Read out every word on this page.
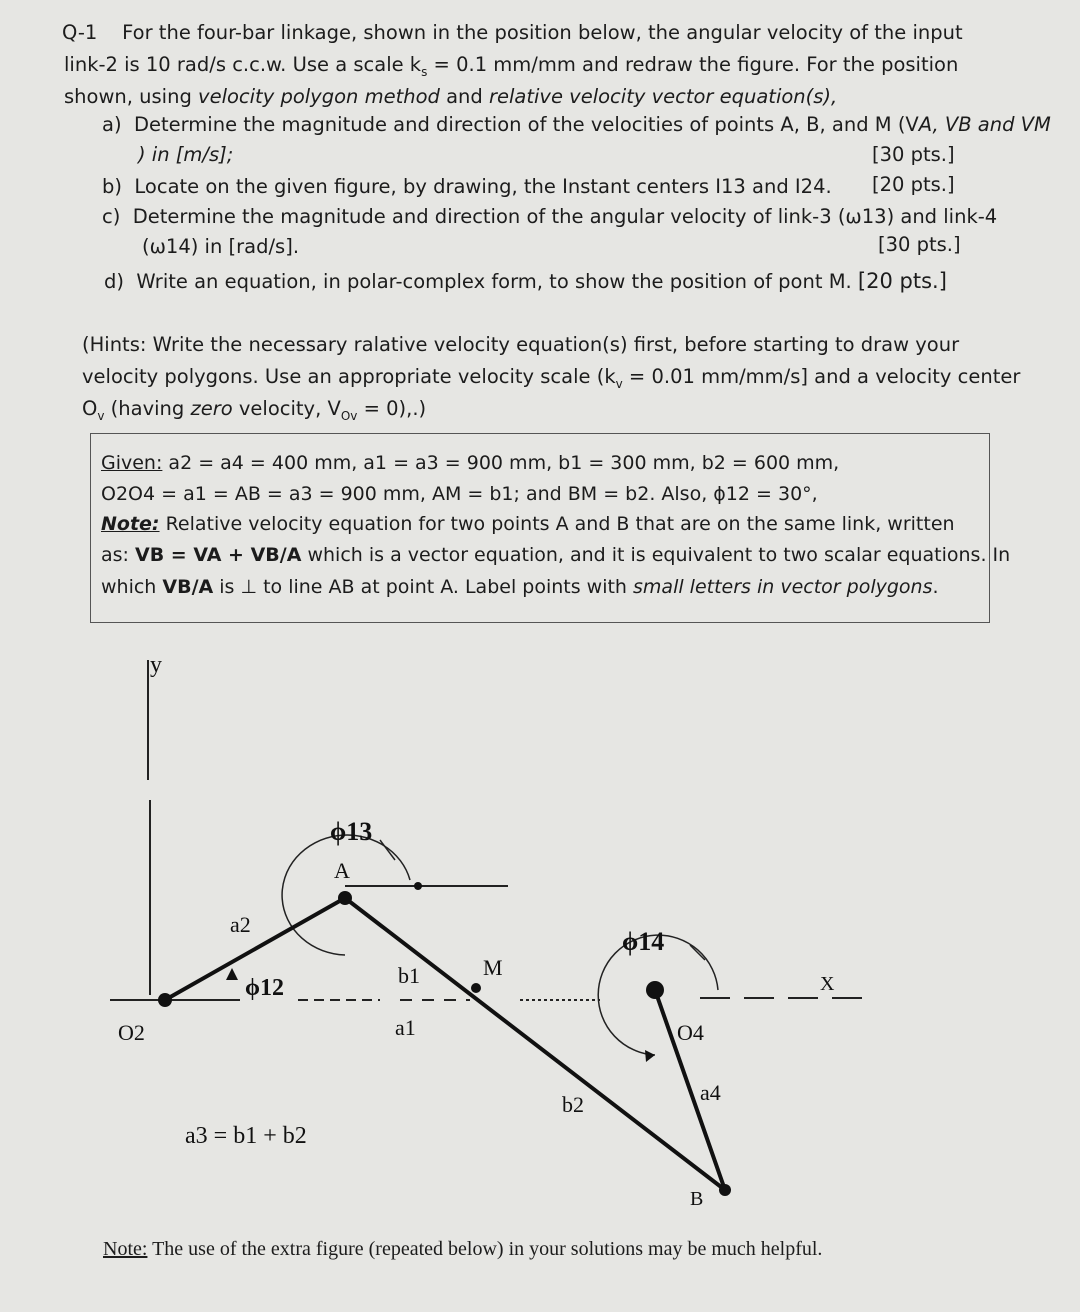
Q-1 For the four-bar linkage, shown in the position below, the angular velocity of the input
link-2 is 10 rad/s c.c.w. Use a scale $k_s = 0.1$ mm/mm and redraw the figure. For the position
shown, using velocity polygon method and relative velocity vector equation(s),
a) Determine the magnitude and direction of the velocities of points A, B, and M (VA, VB and VM
) in [m/s];	[30 pts.]
b) Locate on the given figure, by drawing, the Instant centers I13 and I24. [20 pts.]
c) Determine the magnitude and direction of the angular velocity of link-3 (ω13) and link-4
(ω14) in [rad/s].	[30 pts.]
d) Write an equation, in polar-complex form, to show the position of pont M. [20 pts.]
(Hints: Write the necessary ralative velocity equation(s) first, before starting to draw your
velocity polygons. Use an appropriate velocity scale ($k_v = 0.01$ mm/mm/s] and a velocity center
$O_v$ (having zero velocity, $V_{Ov} = 0$),.)
Given: a2 = a4 = 400 mm, a1 = a3 = 900 mm, b1 = 300 mm, b2 = 600 mm,
O2O4 = a1 = AB = a3 = 900 mm, AM = b1; and BM = b2. Also, ϕ12 = 30°,
Note: Relative velocity equation for two points A and B that are on the same link, written
as: VB = VA + VB/A which is a vector equation, and it is equivalent to two scalar equations. In
which VB/A is ⊥ to line AB at point A. Label points with small letters in vector polygons.
y
ϕ13
A
a2
ϕ12
O2
b1
a1
M
ϕ14
O4
a4
b2
B
X
a3 = b1 + b2
Note: The use of the extra figure (repeated below) in your solutions may be much helpful.
